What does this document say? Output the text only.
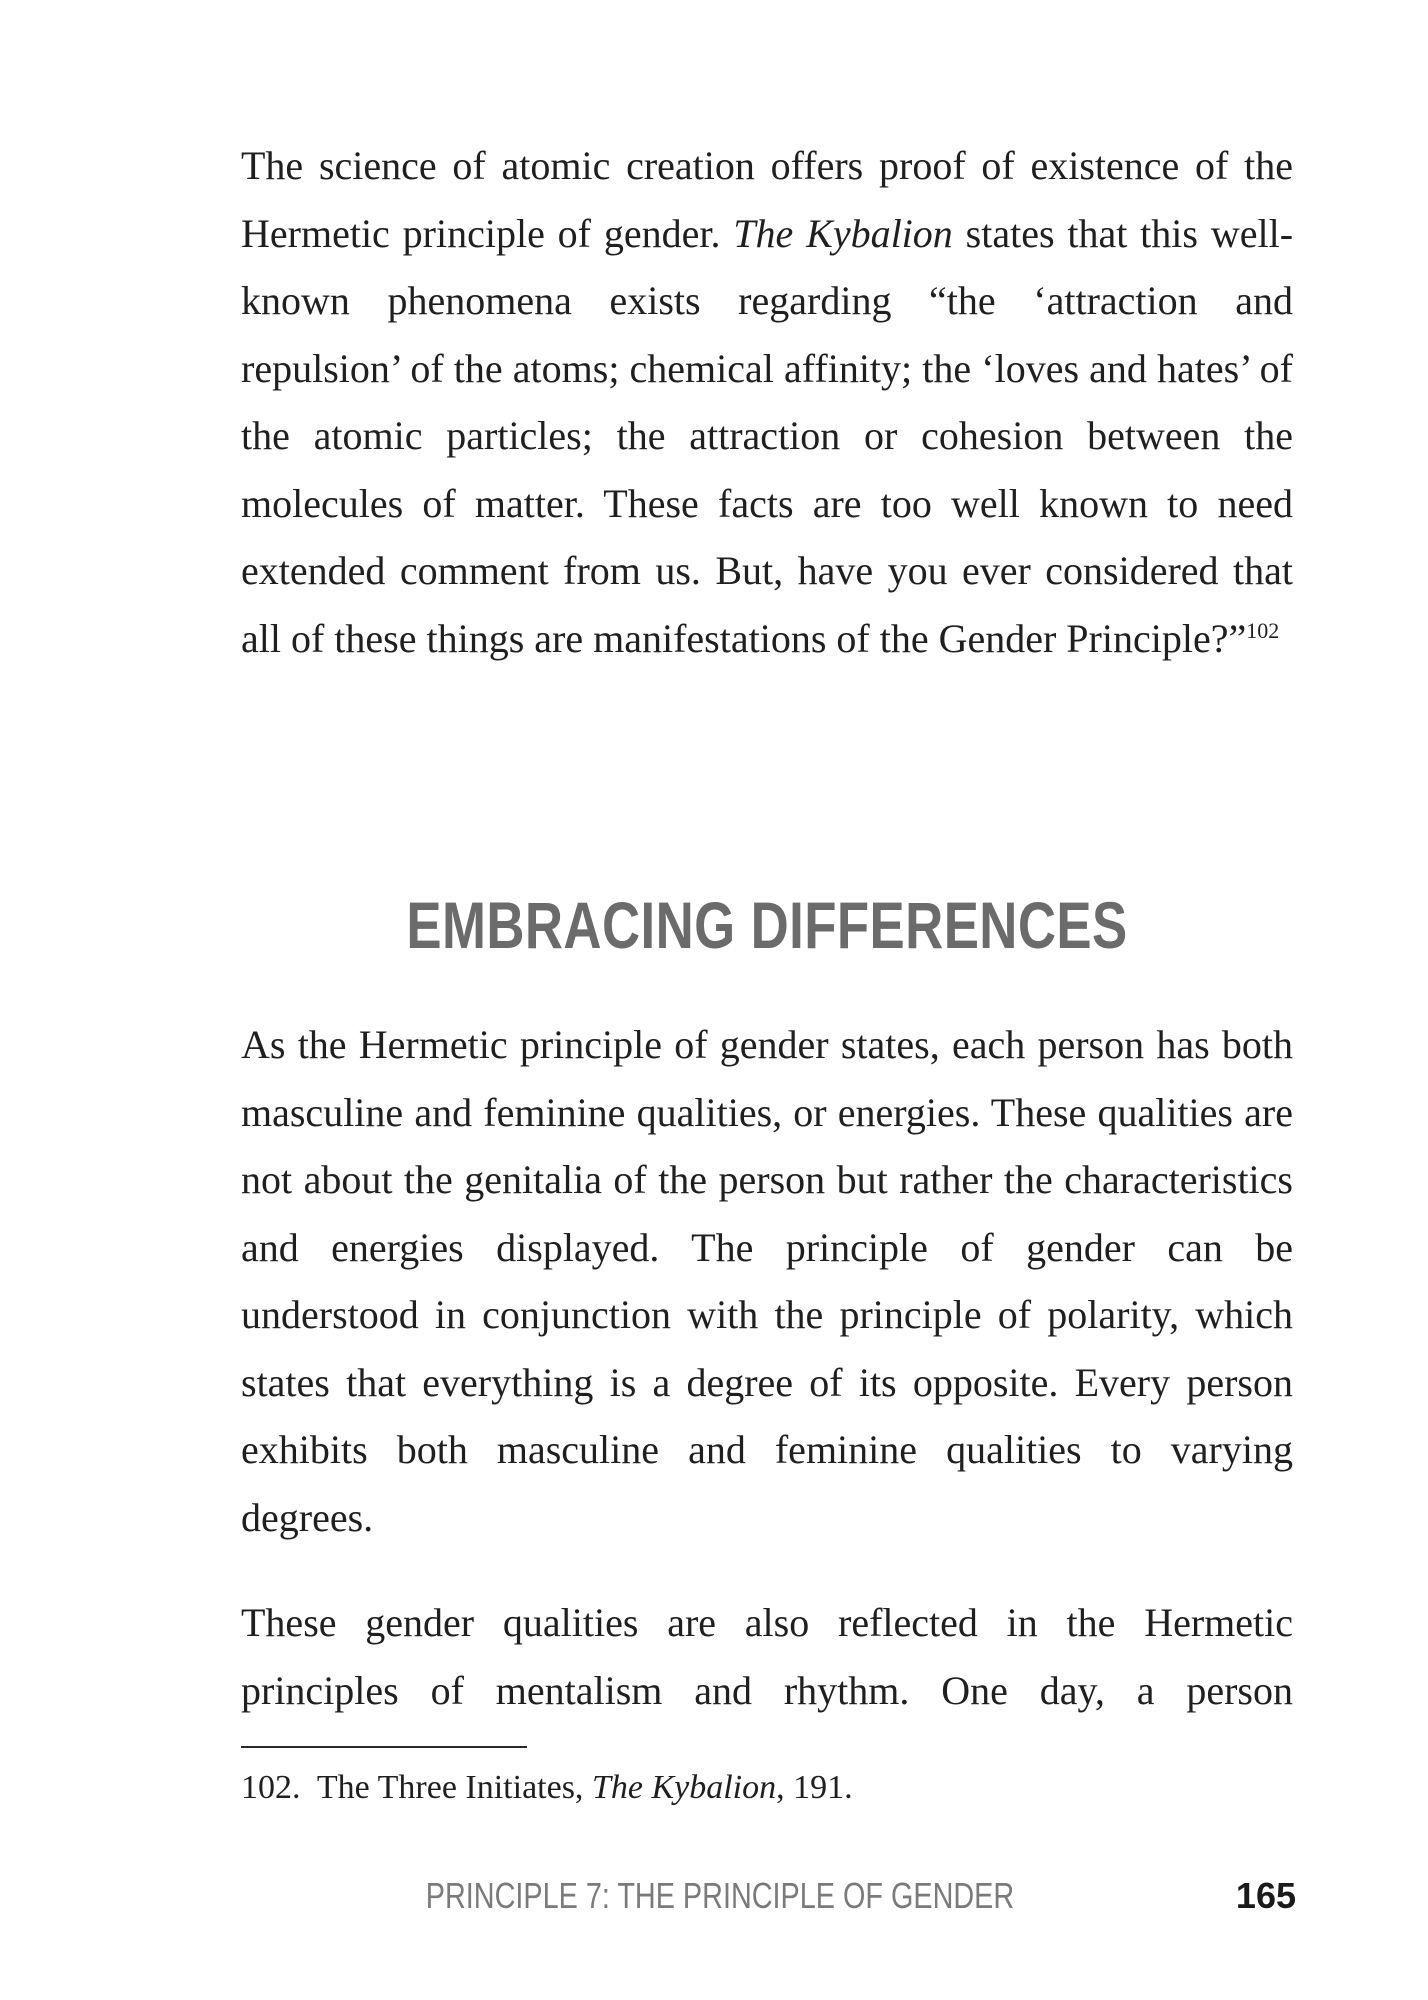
The science of atomic creation offers proof of existence of the Hermetic principle of gender. The Kybalion states that this well-known phenomena exists regarding “the ‘attraction and repulsion’ of the atoms; chemical affinity; the ‘loves and hates’ of the atomic particles; the attraction or cohesion between the molecules of matter. These facts are too well known to need extended comment from us. But, have you ever considered that all of these things are manifestations of the Gender Principle?”$^{102}$

EMBRACING DIFFERENCES

As the Hermetic principle of gender states, each person has both masculine and feminine qualities, or energies. These qualities are not about the genitalia of the person but rather the characteristics and energies displayed. The principle of gender can be understood in conjunction with the principle of polarity, which states that everything is a degree of its opposite. Every person exhibits both masculine and feminine qualities to varying degrees.

These gender qualities are also reflected in the Hermetic principles of mentalism and rhythm. One day, a person

102. The Three Initiates, The Kybalion, 191.

PRINCIPLE 7: THE PRINCIPLE OF GENDER	165
